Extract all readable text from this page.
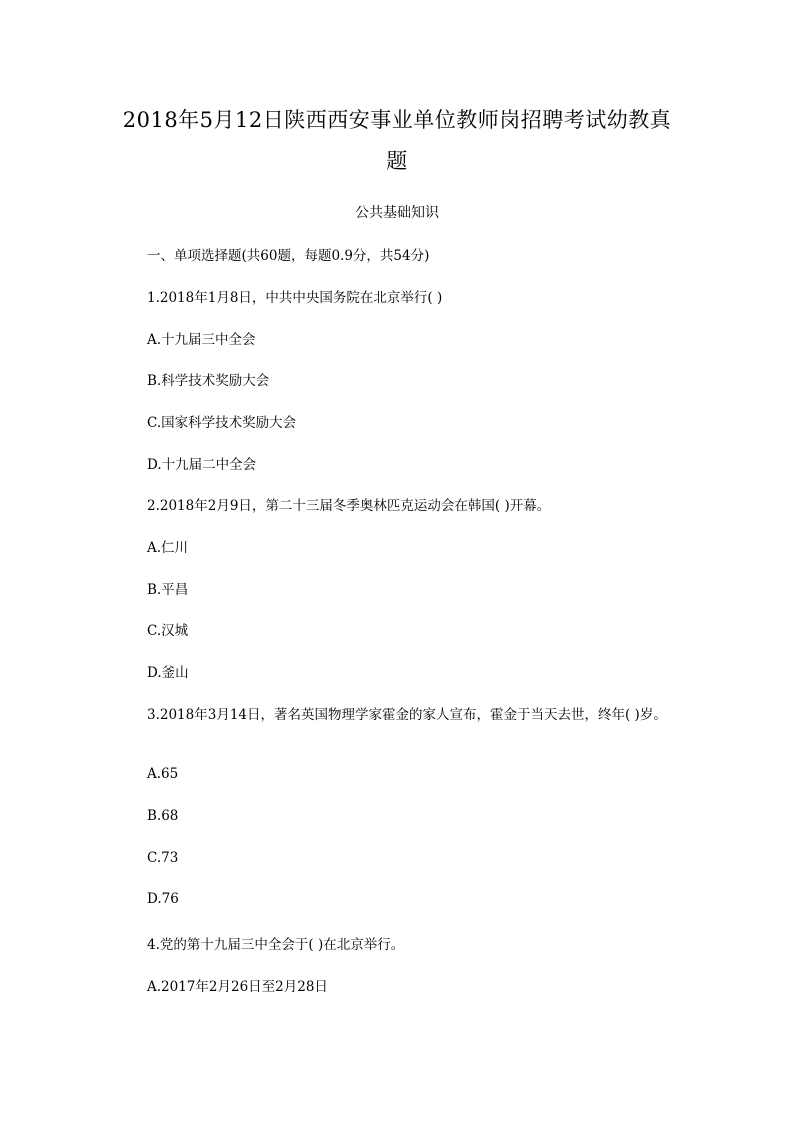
2018年5月12日陕西西安事业单位教师岗招聘考试幼教真
题
公共基础知识
一、单项选择题(共60题，每题0.9分，共54分)
1.2018年1月8日，中共中央国务院在北京举行( )
A.十九届三中全会
B.科学技术奖励大会
C.国家科学技术奖励大会
D.十九届二中全会
2.2018年2月9日，第二十三届冬季奥林匹克运动会在韩国( )开幕。
A.仁川
B.平昌
C.汉城
D.釜山
3.2018年3月14日，著名英国物理学家霍金的家人宣布，霍金于当天去世，终年( )岁。
A.65
B.68
C.73
D.76
4.党的第十九届三中全会于( )在北京举行。
A.2017年2月26日至2月28日
